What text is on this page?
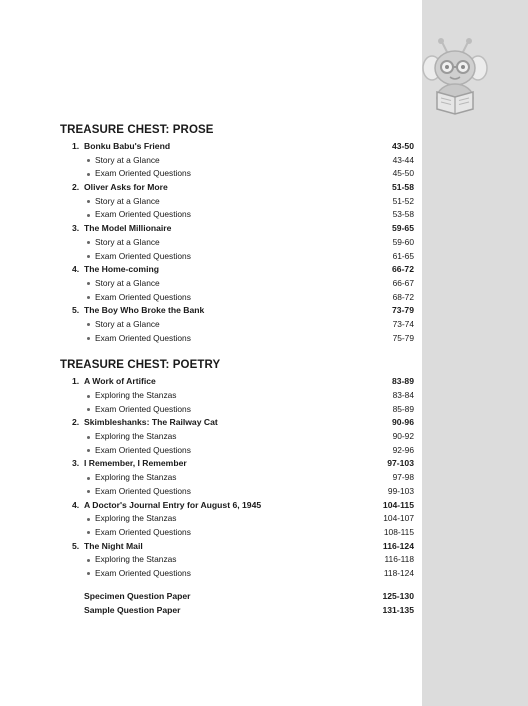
TREASURE CHEST: PROSE
1. Bonku Babu's Friend	43-50
Story at a Glance	43-44
Exam Oriented Questions	45-50
2. Oliver Asks for More	51-58
Story at a Glance	51-52
Exam Oriented Questions	53-58
3. The Model Millionaire	59-65
Story at a Glance	59-60
Exam Oriented Questions	61-65
4. The Home-coming	66-72
Story at a Glance	66-67
Exam Oriented Questions	68-72
5. The Boy Who Broke the Bank	73-79
Story at a Glance	73-74
Exam Oriented Questions	75-79
TREASURE CHEST: POETRY
1. A Work of Artifice	83-89
Exploring the Stanzas	83-84
Exam Oriented Questions	85-89
2. Skimbleshanks: The Railway Cat	90-96
Exploring the Stanzas	90-92
Exam Oriented Questions	92-96
3. I Remember, I Remember	97-103
Exploring the Stanzas	97-98
Exam Oriented Questions	99-103
4. A Doctor's Journal Entry for August 6, 1945	104-115
Exploring the Stanzas	104-107
Exam Oriented Questions	108-115
5. The Night Mail	116-124
Exploring the Stanzas	116-118
Exam Oriented Questions	118-124
Specimen Question Paper	125-130
Sample Question Paper	131-135
